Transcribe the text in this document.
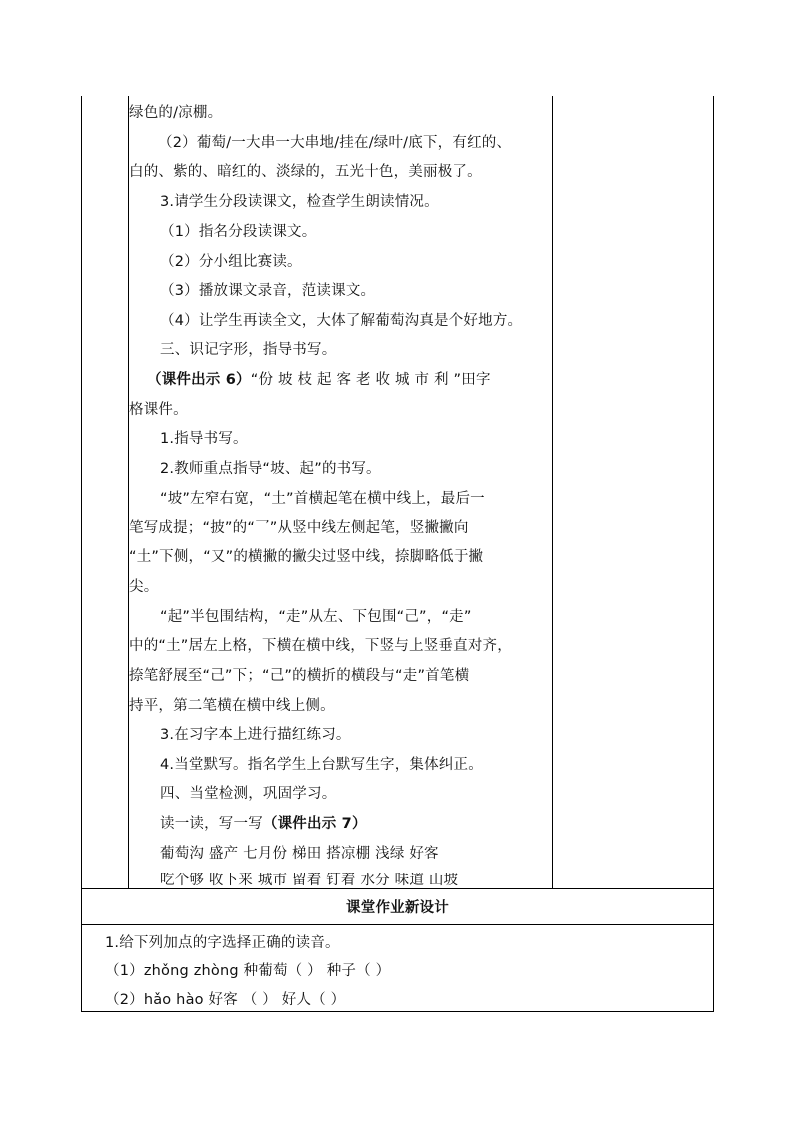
绿色的/凉棚。
（2）葡萄/一大串一大串地/挂在/绿叶/底下，有红的、
白的、紫的、暗红的、淡绿的，五光十色，美丽极了。
3.请学生分段读课文，检查学生朗读情况。
（1）指名分段读课文。
（2）分小组比赛读。
（3）播放课文录音，范读课文。
（4）让学生再读全文，大体了解葡萄沟真是个好地方。
三、识记字形，指导书写。
（课件出示 6）“份 坡 枝 起 客 老 收 城 市 利 ”田字
格课件。
1.指导书写。
2.教师重点指导“坡、起”的书写。
“坡”左窄右宽，“土”首横起笔在横中线上，最后一
笔写成提；“披”的“乛”从竖中线左侧起笔，竖撇撇向
“土”下侧，“又”的横撇的撇尖过竖中线，捺脚略低于撇
尖。
“起”半包围结构，“走”从左、下包围“己”，“走”
中的“土”居左上格，下横在横中线，下竖与上竖垂直对齐，
捺笔舒展至“己”下；“己”的横折的横段与“走”首笔横
持平，第二笔横在横中线上侧。
3.在习字本上进行描红练习。
4.当堂默写。指名学生上台默写生字，集体纠正。
四、当堂检测，巩固学习。
读一读，写一写（课件出示 7）
葡萄沟 盛产 七月份 梯田 搭凉棚 浅绿 好客
吃个够 收下来 城市 留着 钉着 水分 味道 山坡
课堂作业新设计
1.给下列加点的字选择正确的读音。
（1）zhǒng zhòng 种葡萄（ ） 种子（ ）
（2）hǎo hào 好客 （ ） 好人（ ）
